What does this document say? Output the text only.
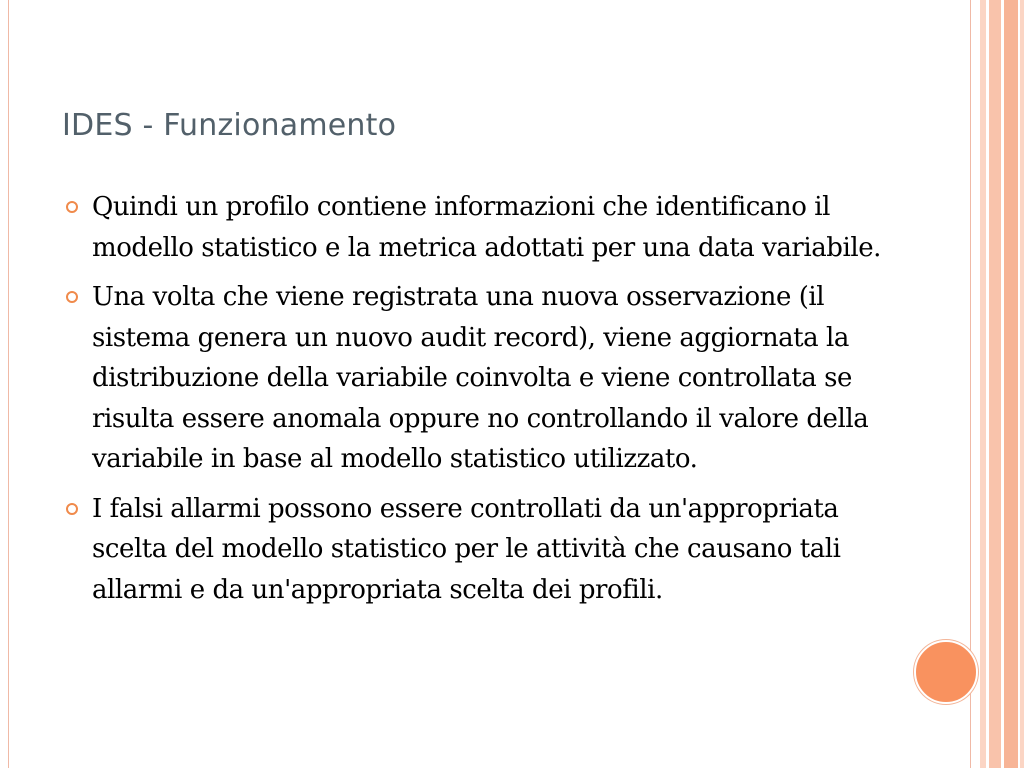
IDES - Funzionamento
Quindi un profilo contiene informazioni che identificano il modello statistico e la metrica adottati per una data variabile.
Una volta che viene registrata una nuova osservazione (il sistema genera un nuovo audit record), viene aggiornata la distribuzione della variabile coinvolta e viene controllata se risulta essere anomala oppure no controllando il valore della variabile in base al modello statistico utilizzato.
I falsi allarmi possono essere controllati da un'appropriata scelta del modello statistico per le attività che causano tali allarmi e da un'appropriata scelta dei profili.
